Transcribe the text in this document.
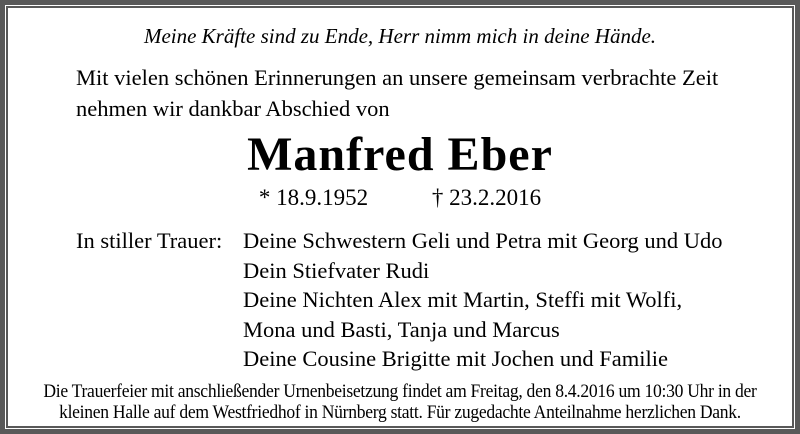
Meine Kräfte sind zu Ende, Herr nimm mich in deine Hände.

Mit vielen schönen Erinnerungen an unsere gemeinsam verbrachte Zeit
nehmen wir dankbar Abschied von

Manfred Eber
* 18.9.1952	† 23.2.2016
In stiller Trauer: Deine Schwestern Geli und Petra mit Georg und Udo
Dein Stiefvater Rudi
Deine Nichten Alex mit Martin, Steffi mit Wolfi,
Mona und Basti, Tanja und Marcus
Deine Cousine Brigitte mit Jochen und Familie

Die Trauerfeier mit anschließender Urnenbeisetzung findet am Freitag, den 8.4.2016 um 10:30 Uhr in der
kleinen Halle auf dem Westfriedhof in Nürnberg statt. Für zugedachte Anteilnahme herzlichen Dank.
